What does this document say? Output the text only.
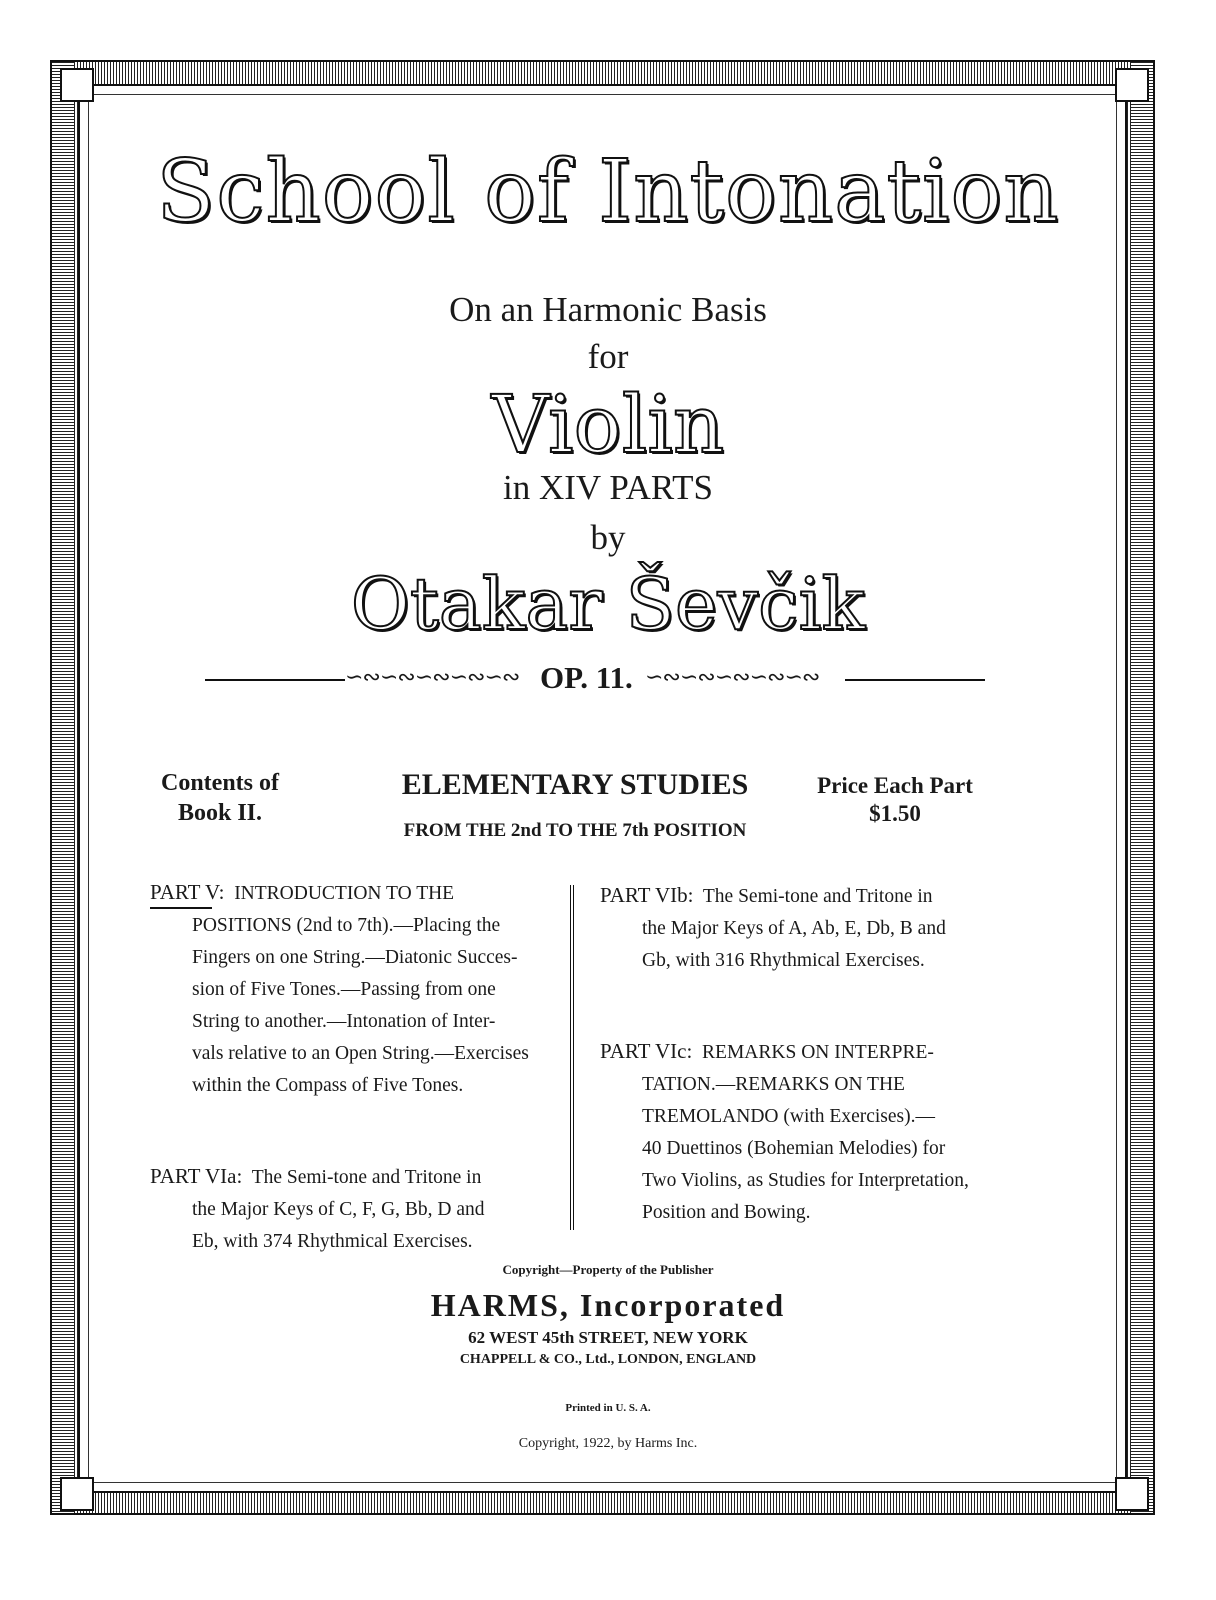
School of Intonation
On an Harmonic Basis
for
Violin
in XIV PARTS
by
Otakar Ševčik
∽∾∽∾∽∾∽∾∽∾ OP. 11. ∽∾∽∾∽∾∽∾∽∾
Contents of
Book II.
ELEMENTARY STUDIES
FROM THE 2nd TO THE 7th POSITION
Price Each Part
$1.50
PART V: INTRODUCTION TO THE
POSITIONS (2nd to 7th).—Placing the
Fingers on one String.—Diatonic Succes-
sion of Five Tones.—Passing from one
String to another.—Intonation of Inter-
vals relative to an Open String.—Exercises
within the Compass of Five Tones.
PART VIa: The Semi-tone and Tritone in
the Major Keys of C, F, G, Bb, D and
Eb, with 374 Rhythmical Exercises.
PART VIb: The Semi-tone and Tritone in
the Major Keys of A, Ab, E, Db, B and
Gb, with 316 Rhythmical Exercises.
PART VIc: REMARKS ON INTERPRE-
TATION.—REMARKS ON THE
TREMOLANDO (with Exercises).—
40 Duettinos (Bohemian Melodies) for
Two Violins, as Studies for Interpretation,
Position and Bowing.
Copyright—Property of the Publisher
HARMS, Incorporated
62 WEST 45th STREET, NEW YORK
CHAPPELL & CO., Ltd., LONDON, ENGLAND
Printed in U. S. A.
Copyright, 1922, by Harms Inc.
